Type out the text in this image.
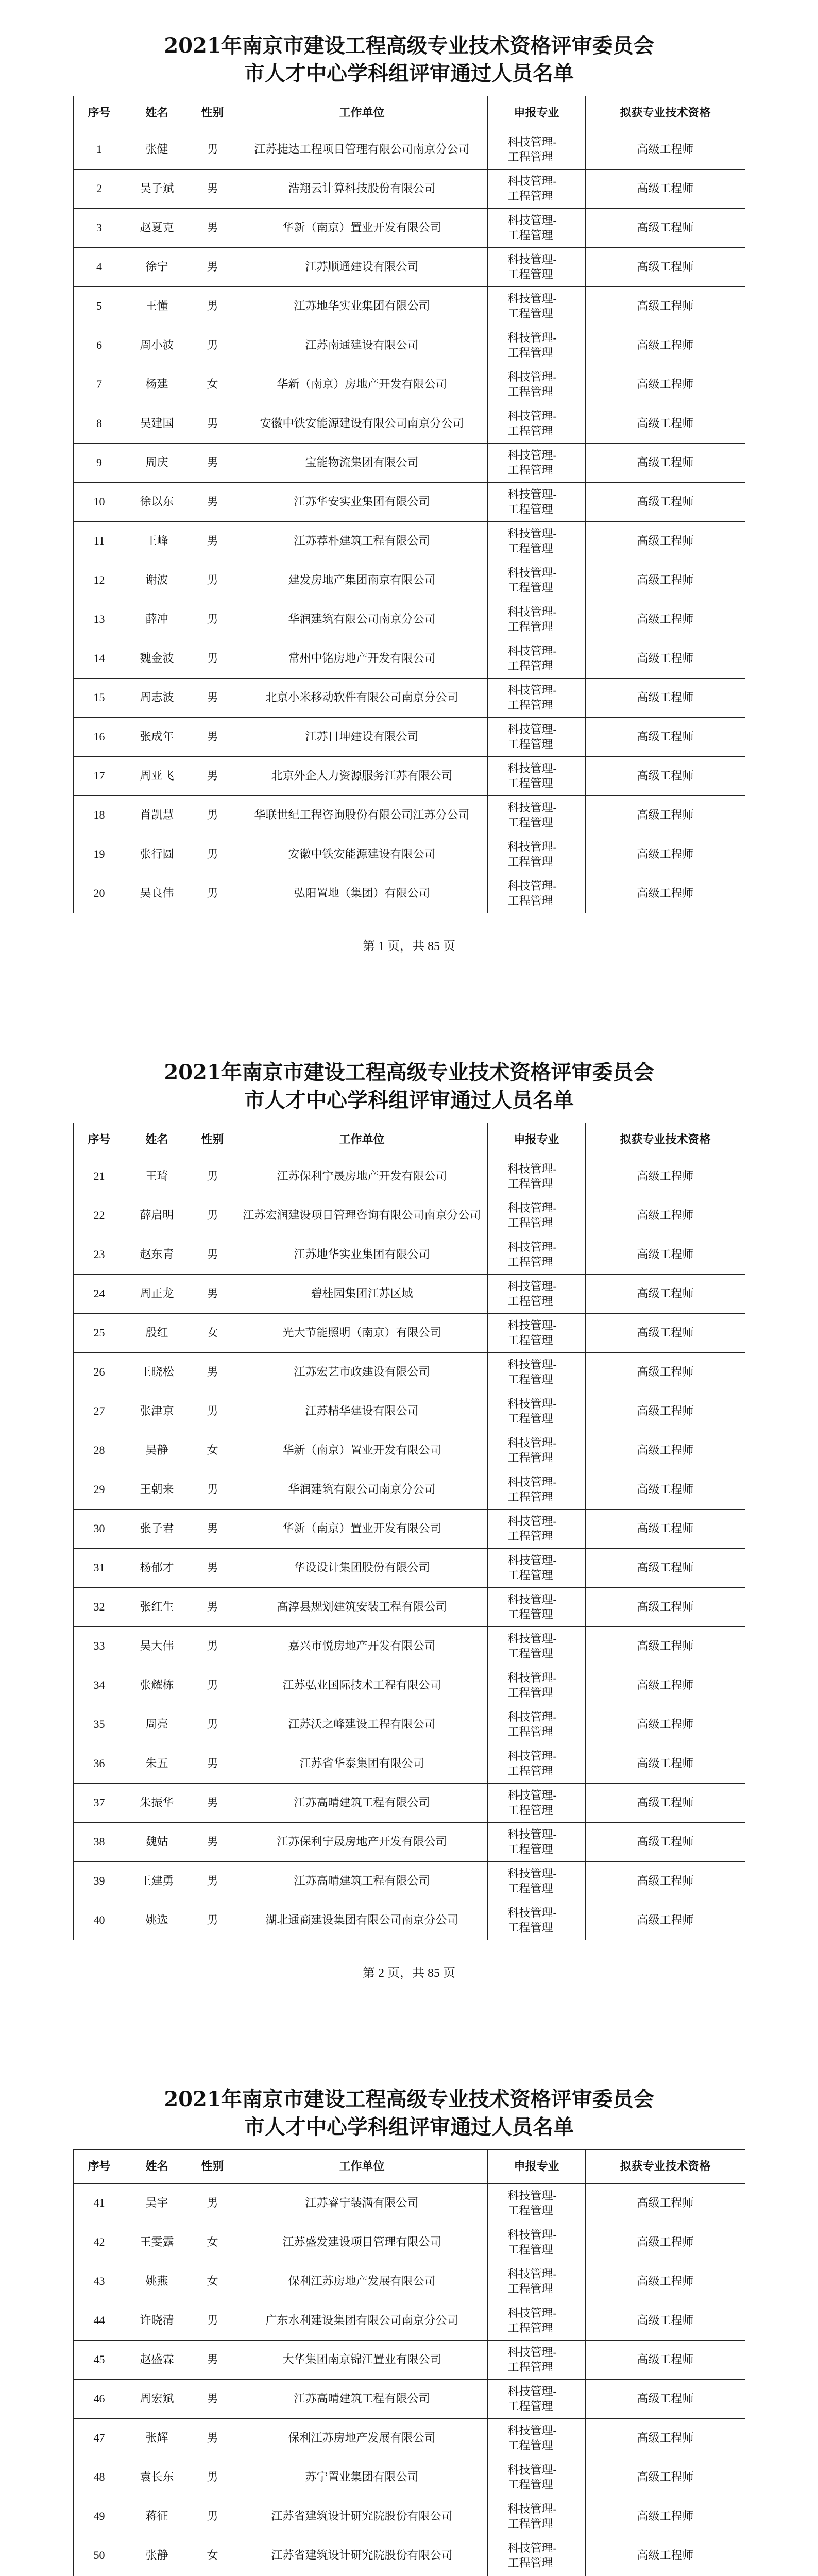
2021年南京市建设工程高级专业技术资格评审委员会
市人才中心学科组评审通过人员名单
序号	姓名	性别	工作单位	申报专业	拟获专业技术资格
1	张健	男	江苏捷达工程项目管理有限公司南京分公司	科技管理-工程管理	高级工程师
2	吴子斌	男	浩翔云计算科技股份有限公司	科技管理-工程管理	高级工程师
3	赵夏克	男	华新（南京）置业开发有限公司	科技管理-工程管理	高级工程师
4	徐宁	男	江苏顺通建设有限公司	科技管理-工程管理	高级工程师
5	王懂	男	江苏地华实业集团有限公司	科技管理-工程管理	高级工程师
6	周小波	男	江苏南通建设有限公司	科技管理-工程管理	高级工程师
7	杨建	女	华新（南京）房地产开发有限公司	科技管理-工程管理	高级工程师
8	吴建国	男	安徽中铁安能源建设有限公司南京分公司	科技管理-工程管理	高级工程师
9	周庆	男	宝能物流集团有限公司	科技管理-工程管理	高级工程师
10	徐以东	男	江苏华安实业集团有限公司	科技管理-工程管理	高级工程师
11	王峰	男	江苏荐朴建筑工程有限公司	科技管理-工程管理	高级工程师
12	谢波	男	建发房地产集团南京有限公司	科技管理-工程管理	高级工程师
13	薛冲	男	华润建筑有限公司南京分公司	科技管理-工程管理	高级工程师
14	魏金波	男	常州中铭房地产开发有限公司	科技管理-工程管理	高级工程师
15	周志波	男	北京小米移动软件有限公司南京分公司	科技管理-工程管理	高级工程师
16	张成年	男	江苏日坤建设有限公司	科技管理-工程管理	高级工程师
17	周亚飞	男	北京外企人力资源服务江苏有限公司	科技管理-工程管理	高级工程师
18	肖凯慧	男	华联世纪工程咨询股份有限公司江苏分公司	科技管理-工程管理	高级工程师
19	张行圆	男	安徽中铁安能源建设有限公司	科技管理-工程管理	高级工程师
20	吴良伟	男	弘阳置地（集团）有限公司	科技管理-工程管理	高级工程师
第 1 页，共 85 页
2021年南京市建设工程高级专业技术资格评审委员会
市人才中心学科组评审通过人员名单
序号	姓名	性别	工作单位	申报专业	拟获专业技术资格
21	王琦	男	江苏保利宁晟房地产开发有限公司	科技管理-工程管理	高级工程师
22	薛启明	男	江苏宏润建设项目管理咨询有限公司南京分公司	科技管理-工程管理	高级工程师
23	赵东青	男	江苏地华实业集团有限公司	科技管理-工程管理	高级工程师
24	周正龙	男	碧桂园集团江苏区域	科技管理-工程管理	高级工程师
25	殷红	女	光大节能照明（南京）有限公司	科技管理-工程管理	高级工程师
26	王晓松	男	江苏宏艺市政建设有限公司	科技管理-工程管理	高级工程师
27	张津京	男	江苏精华建设有限公司	科技管理-工程管理	高级工程师
28	吴静	女	华新（南京）置业开发有限公司	科技管理-工程管理	高级工程师
29	王朝来	男	华润建筑有限公司南京分公司	科技管理-工程管理	高级工程师
30	张子君	男	华新（南京）置业开发有限公司	科技管理-工程管理	高级工程师
31	杨郁才	男	华设设计集团股份有限公司	科技管理-工程管理	高级工程师
32	张红生	男	高淳县规划建筑安装工程有限公司	科技管理-工程管理	高级工程师
33	吴大伟	男	嘉兴市悦房地产开发有限公司	科技管理-工程管理	高级工程师
34	张耀栋	男	江苏弘业国际技术工程有限公司	科技管理-工程管理	高级工程师
35	周亮	男	江苏沃之峰建设工程有限公司	科技管理-工程管理	高级工程师
36	朱五	男	江苏省华泰集团有限公司	科技管理-工程管理	高级工程师
37	朱振华	男	江苏高晴建筑工程有限公司	科技管理-工程管理	高级工程师
38	魏姑	男	江苏保利宁晟房地产开发有限公司	科技管理-工程管理	高级工程师
39	王建勇	男	江苏高晴建筑工程有限公司	科技管理-工程管理	高级工程师
40	姚选	男	湖北通商建设集团有限公司南京分公司	科技管理-工程管理	高级工程师
第 2 页，共 85 页
2021年南京市建设工程高级专业技术资格评审委员会
市人才中心学科组评审通过人员名单
序号	姓名	性别	工作单位	申报专业	拟获专业技术资格
41	吴宇	男	江苏睿宁装满有限公司	科技管理-工程管理	高级工程师
42	王雯露	女	江苏盛发建设项目管理有限公司	科技管理-工程管理	高级工程师
43	姚燕	女	保利江苏房地产发展有限公司	科技管理-工程管理	高级工程师
44	许晓清	男	广东水利建设集团有限公司南京分公司	科技管理-工程管理	高级工程师
45	赵盛霖	男	大华集团南京锦江置业有限公司	科技管理-工程管理	高级工程师
46	周宏斌	男	江苏高晴建筑工程有限公司	科技管理-工程管理	高级工程师
47	张辉	男	保利江苏房地产发展有限公司	科技管理-工程管理	高级工程师
48	袁长东	男	苏宁置业集团有限公司	科技管理-工程管理	高级工程师
49	蒋征	男	江苏省建筑设计研究院股份有限公司	科技管理-工程管理	高级工程师
50	张静	女	江苏省建筑设计研究院股份有限公司	科技管理-工程管理	高级工程师
